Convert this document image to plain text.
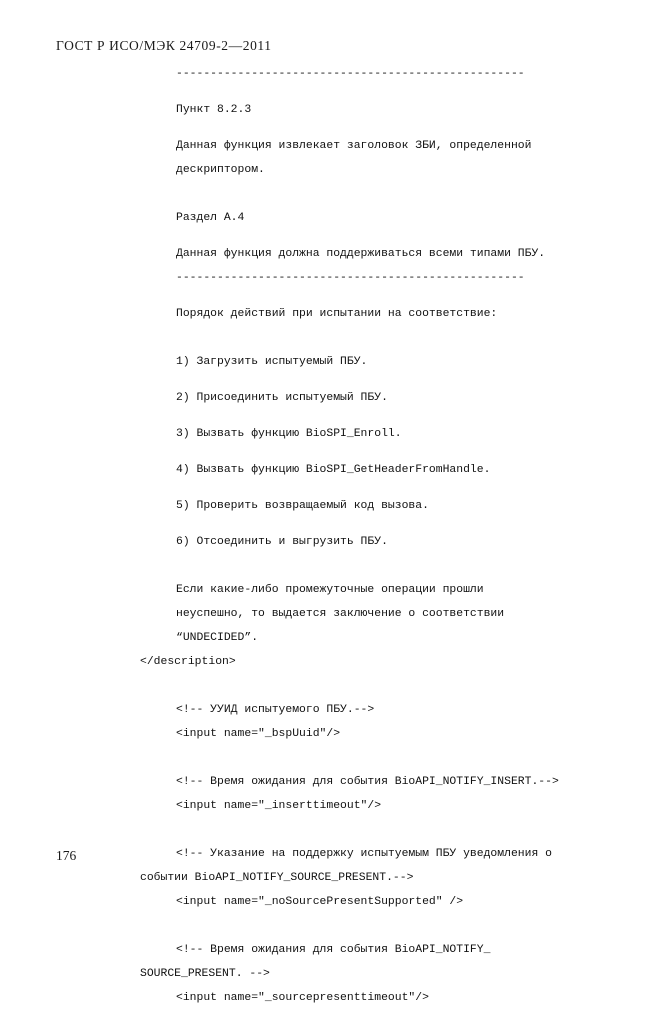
ГОСТ Р ИСО/МЭК 24709-2—2011
---------------------------------------------------
Пункт 8.2.3
Данная функция извлекает заголовок ЗБИ, определенной
дескриптором.
Раздел А.4
Данная функция должна поддерживаться всеми типами ПБУ.
---------------------------------------------------
Порядок действий при испытании на соответствие:
1) Загрузить испытуемый ПБУ.
2) Присоединить испытуемый ПБУ.
3) Вызвать функцию BioSPI_Enroll.
4) Вызвать функцию BioSPI_GetHeaderFromHandle.
5) Проверить возвращаемый код вызова.
6) Отсоединить и выгрузить ПБУ.
Если какие-либо промежуточные операции прошли
неуспешно, то выдается заключение о соответствии
“UNDECIDED”.
</description>
<!-- УУИД испытуемого ПБУ.-->
<input name="_bspUuid"/>
<!-- Время ожидания для события BioAPI_NOTIFY_INSERT.-->
<input name="_inserttimeout"/>
<!-- Указание на поддержку испытуемым ПБУ уведомления о
событии BioAPI_NOTIFY_SOURCE_PRESENT.-->
<input name="_noSourcePresentSupported" />
<!-- Время ожидания для события BioAPI_NOTIFY_
SOURCE_PRESENT. -->
<input name="_sourcepresenttimeout"/>
176
